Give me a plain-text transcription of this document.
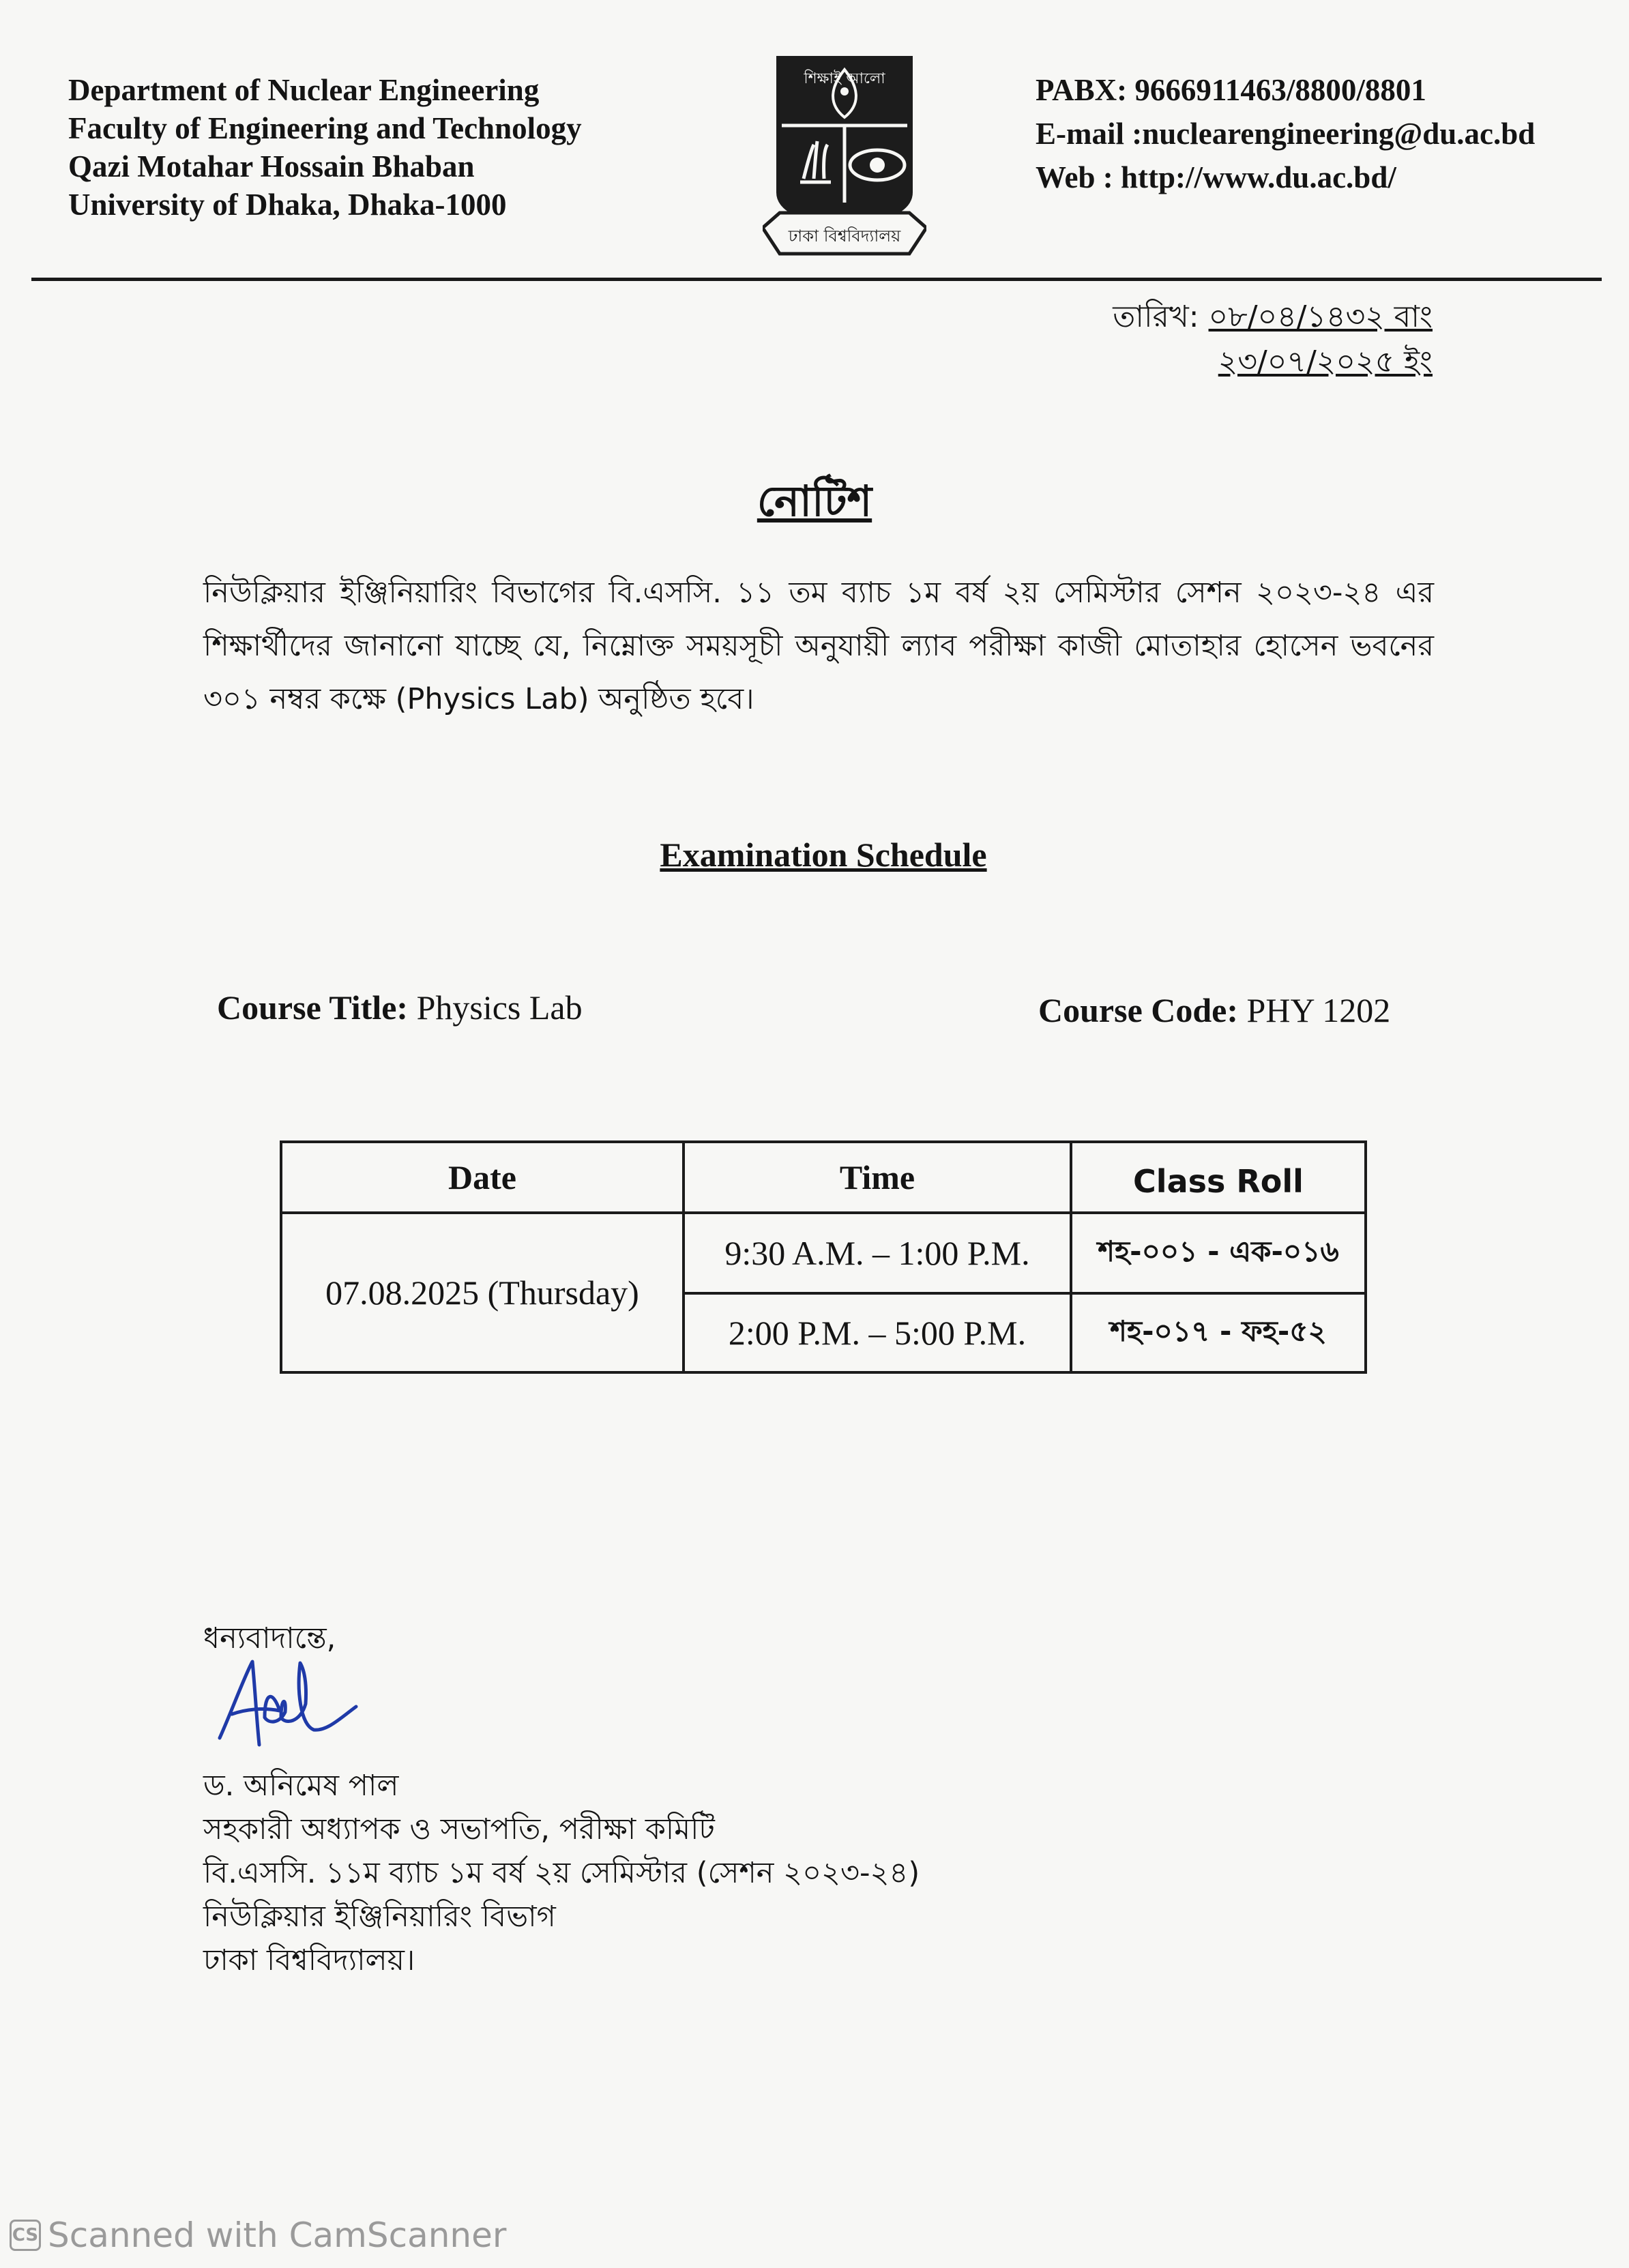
Department of Nuclear Engineering
Faculty of Engineering and Technology
Qazi Motahar Hossain Bhaban
University of Dhaka, Dhaka-1000
শিক্ষাই আলো
ঢাকা বিশ্ববিদ্যালয়
PABX: 9666911463/8800/8801
E-mail :nuclearengineering@du.ac.bd
Web : http://www.du.ac.bd/
তারিখ: ০৮/০৪/১৪৩২ বাং
২৩/০৭/২০২৫ ইং
নোটিশ
নিউক্লিয়ার ইঞ্জিনিয়ারিং বিভাগের বি.এসসি. ১১ তম ব্যাচ ১ম বর্ষ ২য় সেমিস্টার সেশন ২০২৩-২৪ এর শিক্ষার্থীদের জানানো যাচ্ছে যে, নিম্নোক্ত সময়সূচী অনুযায়ী ল্যাব পরীক্ষা কাজী মোতাহার হোসেন ভবনের ৩০১ নম্বর কক্ষে (Physics Lab) অনুষ্ঠিত হবে।
Examination Schedule
Course Title: Physics Lab	Course Code: PHY 1202
Date	Time	Class Roll
07.08.2025 (Thursday)
9:30 A.M. – 1:00 P.M.	শহ-০০১ - এক-০১৬
2:00 P.M. – 5:00 P.M.	শহ-০১৭ - ফহ-৫২
ধন্যবাদান্তে,
ড. অনিমেষ পাল
সহকারী অধ্যাপক ও সভাপতি, পরীক্ষা কমিটি
বি.এসসি. ১১ম ব্যাচ ১ম বর্ষ ২য় সেমিস্টার (সেশন ২০২৩-২৪)
নিউক্লিয়ার ইঞ্জিনিয়ারিং বিভাগ
ঢাকা বিশ্ববিদ্যালয়।
CS Scanned with CamScanner
